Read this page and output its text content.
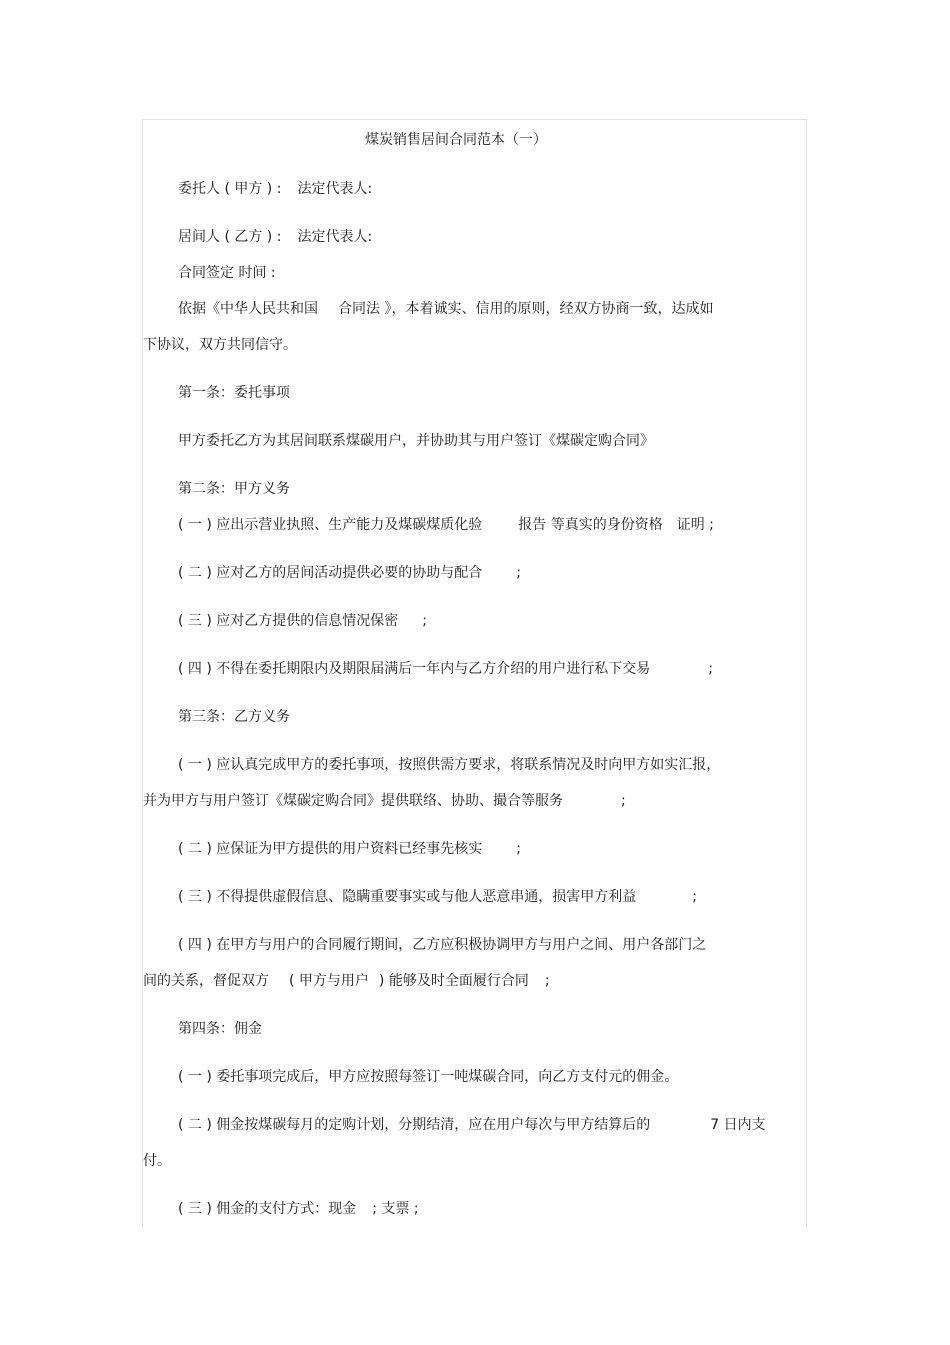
煤炭销售居间合同范本（一）
委托人 ( 甲方 ) : 法定代表人:
居间人 ( 乙方 ) : 法定代表人:
合同签定 时间 :
依据《中华人民共和国 合同法 》，本着诚实、信用的原则，经双方协商一致，达成如
下协议，双方共同信守。
第一条：委托事项
甲方委托乙方为其居间联系煤碳用户，并协助其与用户签订《煤碳定购合同》
第二条：甲方义务
( 一 ) 应出示营业执照、生产能力及煤碳煤质化验	报告 等真实的身份资格 证明 ;
( 二 ) 应对乙方的居间活动提供必要的协助与配合 ;
( 三 ) 应对乙方提供的信息情况保密 ;
( 四 ) 不得在委托期限内及期限届满后一年内与乙方介绍的用户进行私下交易	;
第三条：乙方义务
( 一 ) 应认真完成甲方的委托事项，按照供需方要求，将联系情况及时向甲方如实汇报，
并为甲方与用户签订《煤碳定购合同》提供联络、协助、撮合等服务	;
( 二 ) 应保证为甲方提供的用户资料已经事先核实 ;
( 三 ) 不得提供虚假信息、隐瞒重要事实或与他人恶意串通，损害甲方利益	;
( 四 ) 在甲方与用户的合同履行期间，乙方应积极协调甲方与用户之间、用户各部门之
间的关系，督促双方 ( 甲方与用户 ) 能够及时全面履行合同 ;
第四条：佣金
( 一 ) 委托事项完成后，甲方应按照每签订一吨煤碳合同，向乙方支付元的佣金。
( 二 ) 佣金按煤碳每月的定购计划，分期结清，应在用户每次与甲方结算后的	7 日内支
付。
( 三 ) 佣金的支付方式：现金 ; 支票 ;
